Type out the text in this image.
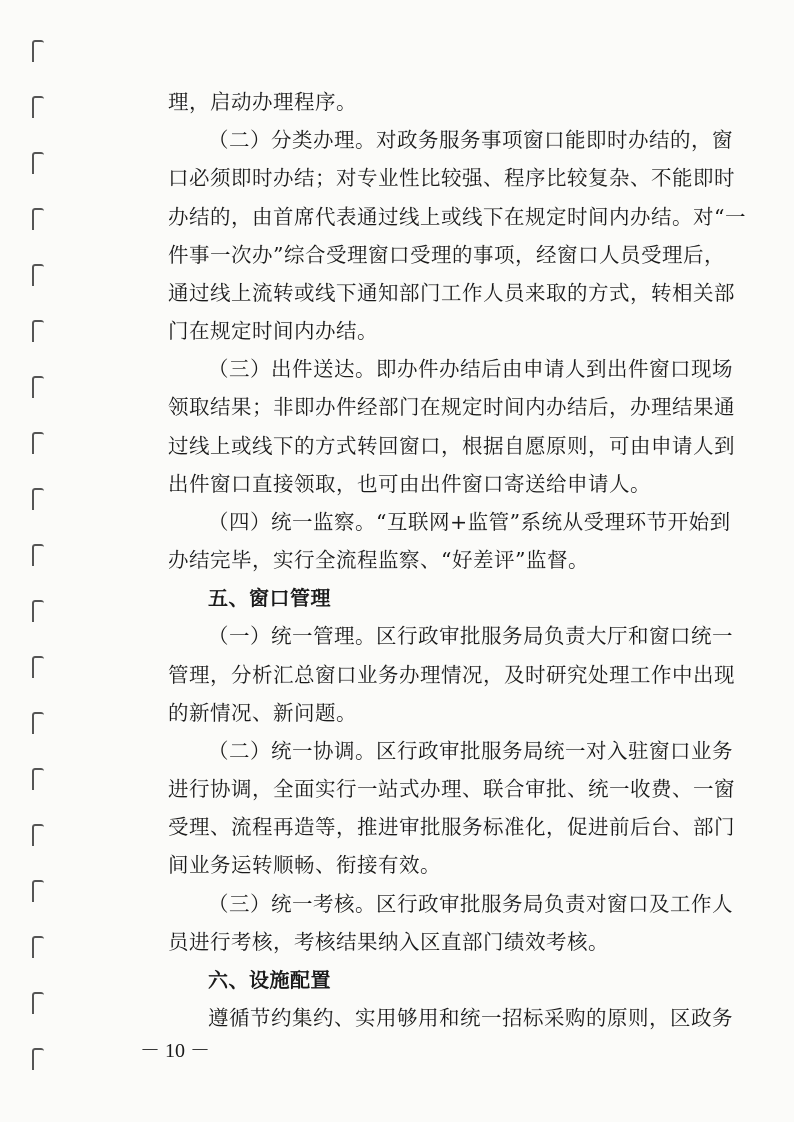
理，启动办理程序。
（二）分类办理。对政务服务事项窗口能即时办结的，窗
口必须即时办结；对专业性比较强、程序比较复杂、不能即时
办结的，由首席代表通过线上或线下在规定时间内办结。对“一
件事一次办”综合受理窗口受理的事项，经窗口人员受理后，
通过线上流转或线下通知部门工作人员来取的方式，转相关部
门在规定时间内办结。
（三）出件送达。即办件办结后由申请人到出件窗口现场
领取结果；非即办件经部门在规定时间内办结后，办理结果通
过线上或线下的方式转回窗口，根据自愿原则，可由申请人到
出件窗口直接领取，也可由出件窗口寄送给申请人。
（四）统一监察。“互联网+监管”系统从受理环节开始到
办结完毕，实行全流程监察、“好差评”监督。
五、窗口管理
（一）统一管理。区行政审批服务局负责大厅和窗口统一
管理，分析汇总窗口业务办理情况，及时研究处理工作中出现
的新情况、新问题。
（二）统一协调。区行政审批服务局统一对入驻窗口业务
进行协调，全面实行一站式办理、联合审批、统一收费、一窗
受理、流程再造等，推进审批服务标准化，促进前后台、部门
间业务运转顺畅、衔接有效。
（三）统一考核。区行政审批服务局负责对窗口及工作人
员进行考核，考核结果纳入区直部门绩效考核。
六、设施配置
遵循节约集约、实用够用和统一招标采购的原则，区政务
－ 10 －
